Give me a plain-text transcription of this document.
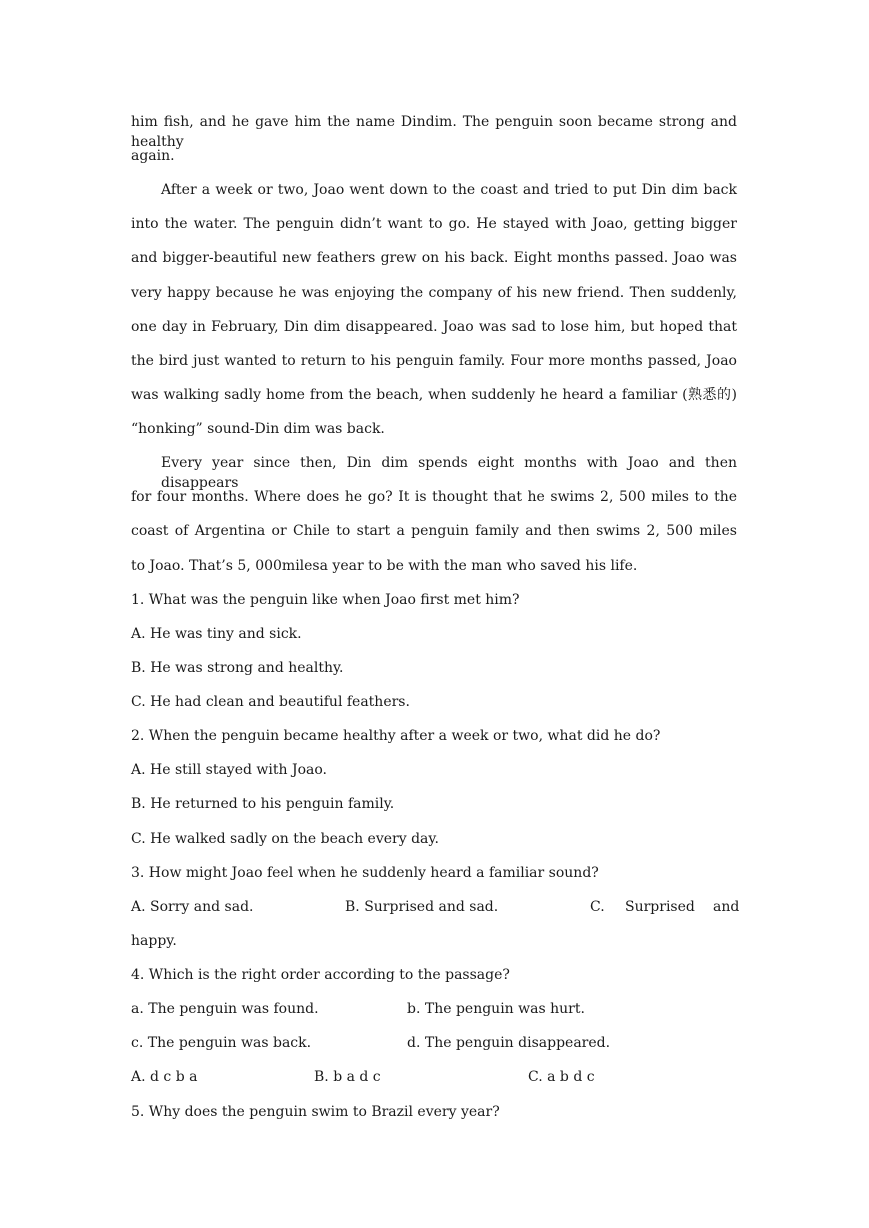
him fish, and he gave him the name Dindim. The penguin soon became strong and healthy
again.
After a week or two, Joao went down to the coast and tried to put Din dim back
into the water. The penguin didn’t want to go. He stayed with Joao, getting bigger
and bigger-beautiful new feathers grew on his back. Eight months passed. Joao was
very happy because he was enjoying the company of his new friend. Then suddenly,
one day in February, Din dim disappeared. Joao was sad to lose him, but hoped that
the bird just wanted to return to his penguin family. Four more months passed, Joao
was walking sadly home from the beach, when suddenly he heard a familiar (熟悉的)
“honking” sound-Din dim was back.
Every year since then, Din dim spends eight months with Joao and then disappears
for four months. Where does he go? It is thought that he swims 2, 500 miles to the
coast of Argentina or Chile to start a penguin family and then swims 2, 500 miles
to Joao. That’s 5, 000milesa year to be with the man who saved his life.
1. What was the penguin like when Joao first met him?
A. He was tiny and sick.
B. He was strong and healthy.
C. He had clean and beautiful feathers.
2. When the penguin became healthy after a week or two, what did he do?
A. He still stayed with Joao.
B. He returned to his penguin family.
C. He walked sadly on the beach every day.
3. How might Joao feel when he suddenly heard a familiar sound?
A. Sorry and sad.	B. Surprised and sad.	C. Surprised and
happy.
4. Which is the right order according to the passage?
a. The penguin was found.	b. The penguin was hurt.
c. The penguin was back.	d. The penguin disappeared.
A. d c b a	B. b a d c	C. a b d c
5. Why does the penguin swim to Brazil every year?
